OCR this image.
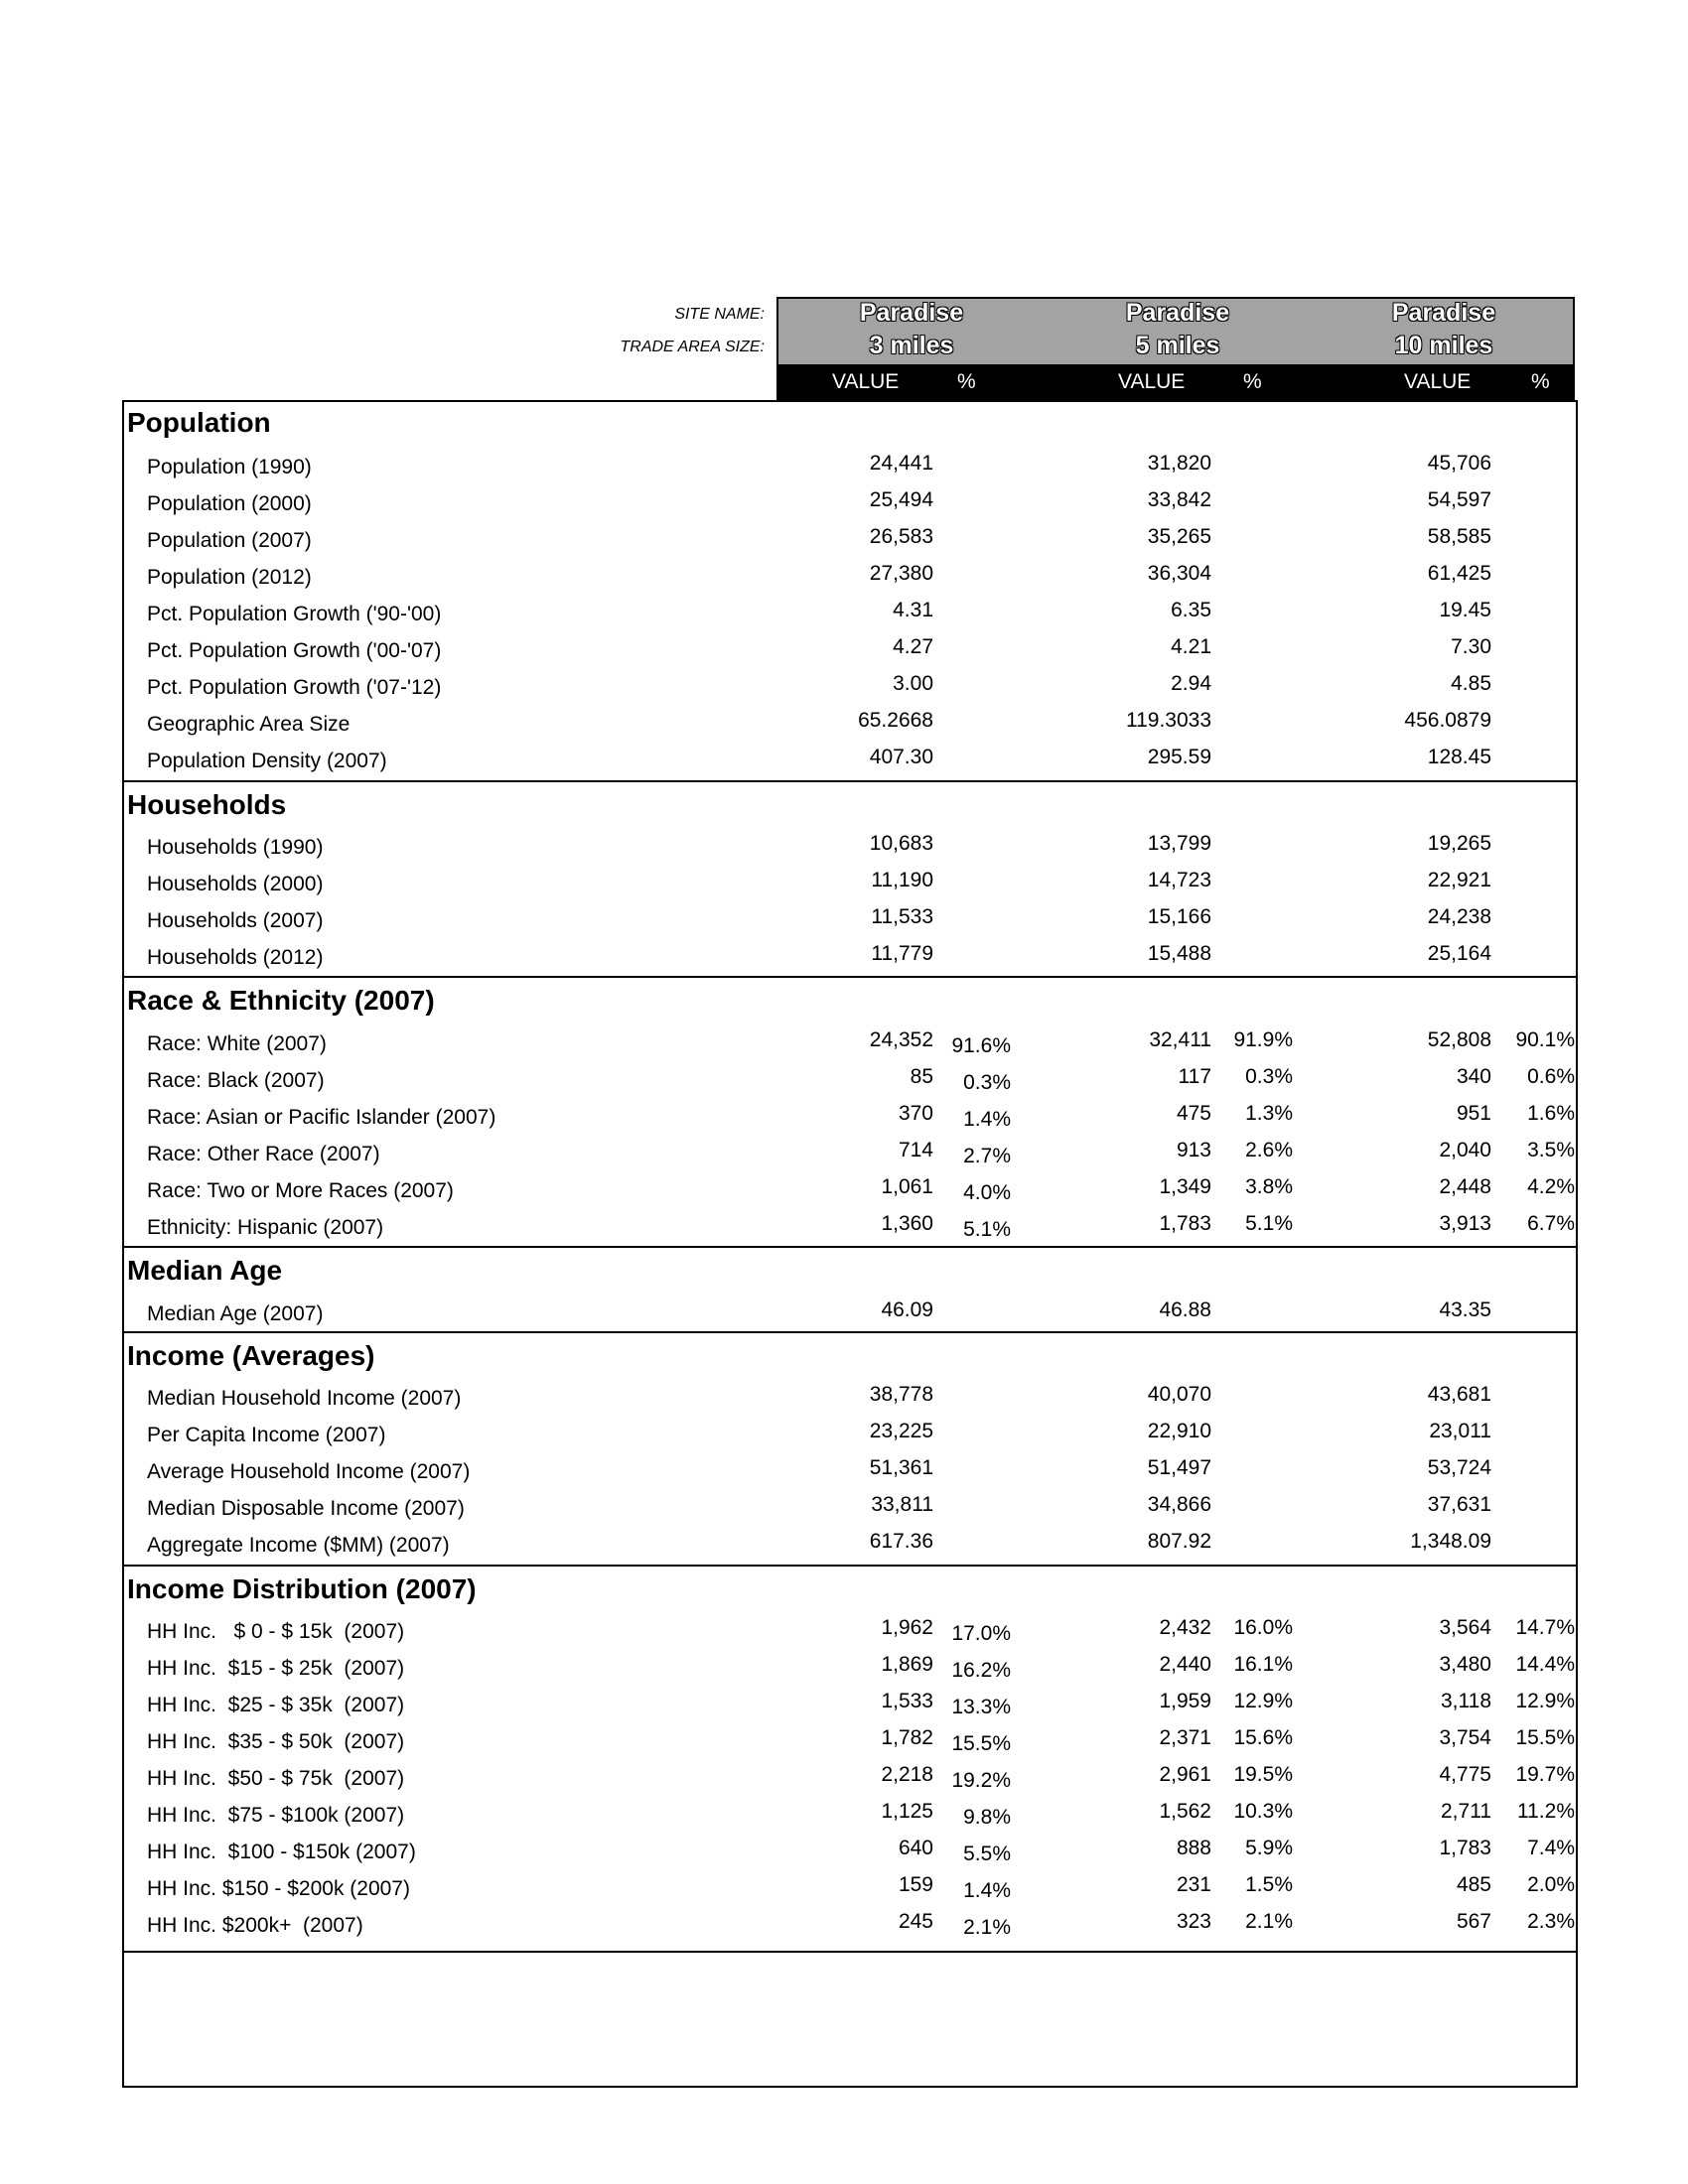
SITE NAME:
TRADE AREA SIZE:
Paradise
3 miles
Paradise
5 miles
Paradise
10 miles
VALUE	%	VALUE	%	VALUE	%
Population
Population (1990)	24,441	31,820	45,706
Population (2000)	25,494	33,842	54,597
Population (2007)	26,583	35,265	58,585
Population (2012)	27,380	36,304	61,425
Pct. Population Growth ('90-'00)	4.31	6.35	19.45
Pct. Population Growth ('00-'07)	4.27	4.21	7.30
Pct. Population Growth ('07-'12)	3.00	2.94	4.85
Geographic Area Size	65.2668	119.3033	456.0879
Population Density (2007)	407.30	295.59	128.45
Households
Households (1990)	10,683	13,799	19,265
Households (2000)	11,190	14,723	22,921
Households (2007)	11,533	15,166	24,238
Households (2012)	11,779	15,488	25,164
Race & Ethnicity (2007)
Race: White (2007)	24,352 91.6%	32,411	91.9%	52,808	90.1%
Race: Black (2007)	85	0.3%	117	0.3%	340	0.6%
Race: Asian or Pacific Islander (2007)	370	1.4%	475	1.3%	951	1.6%
Race: Other Race (2007)	714	2.7%	913	2.6%	2,040	3.5%
Race: Two or More Races (2007)	1,061	4.0%	1,349	3.8%	2,448	4.2%
Ethnicity: Hispanic (2007)	1,360	5.1%	1,783	5.1%	3,913	6.7%
Median Age
Median Age (2007)	46.09	46.88	43.35
Income (Averages)
Median Household Income (2007)	38,778	40,070	43,681
Per Capita Income (2007)	23,225	22,910	23,011
Average Household Income (2007)	51,361	51,497	53,724
Median Disposable Income (2007)	33,811	34,866	37,631
Aggregate Income ($MM) (2007)	617.36	807.92	1,348.09
Income Distribution (2007)
HH Inc.   $ 0 - $ 15k  (2007)	1,962 17.0%	2,432	16.0%	3,564	14.7%
HH Inc.  $15 - $ 25k  (2007)	1,869 16.2%	2,440	16.1%	3,480	14.4%
HH Inc.  $25 - $ 35k  (2007)	1,533 13.3%	1,959	12.9%	3,118	12.9%
HH Inc.  $35 - $ 50k  (2007)	1,782 15.5%	2,371	15.6%	3,754	15.5%
HH Inc.  $50 - $ 75k  (2007)	2,218 19.2%	2,961	19.5%	4,775	19.7%
HH Inc.  $75 - $100k (2007)	1,125	9.8%	1,562	10.3%	2,711	11.2%
HH Inc.  $100 - $150k (2007)	640	5.5%	888	5.9%	1,783	7.4%
HH Inc. $150 - $200k (2007)	159	1.4%	231	1.5%	485	2.0%
HH Inc. $200k+  (2007)	245	2.1%	323	2.1%	567	2.3%
